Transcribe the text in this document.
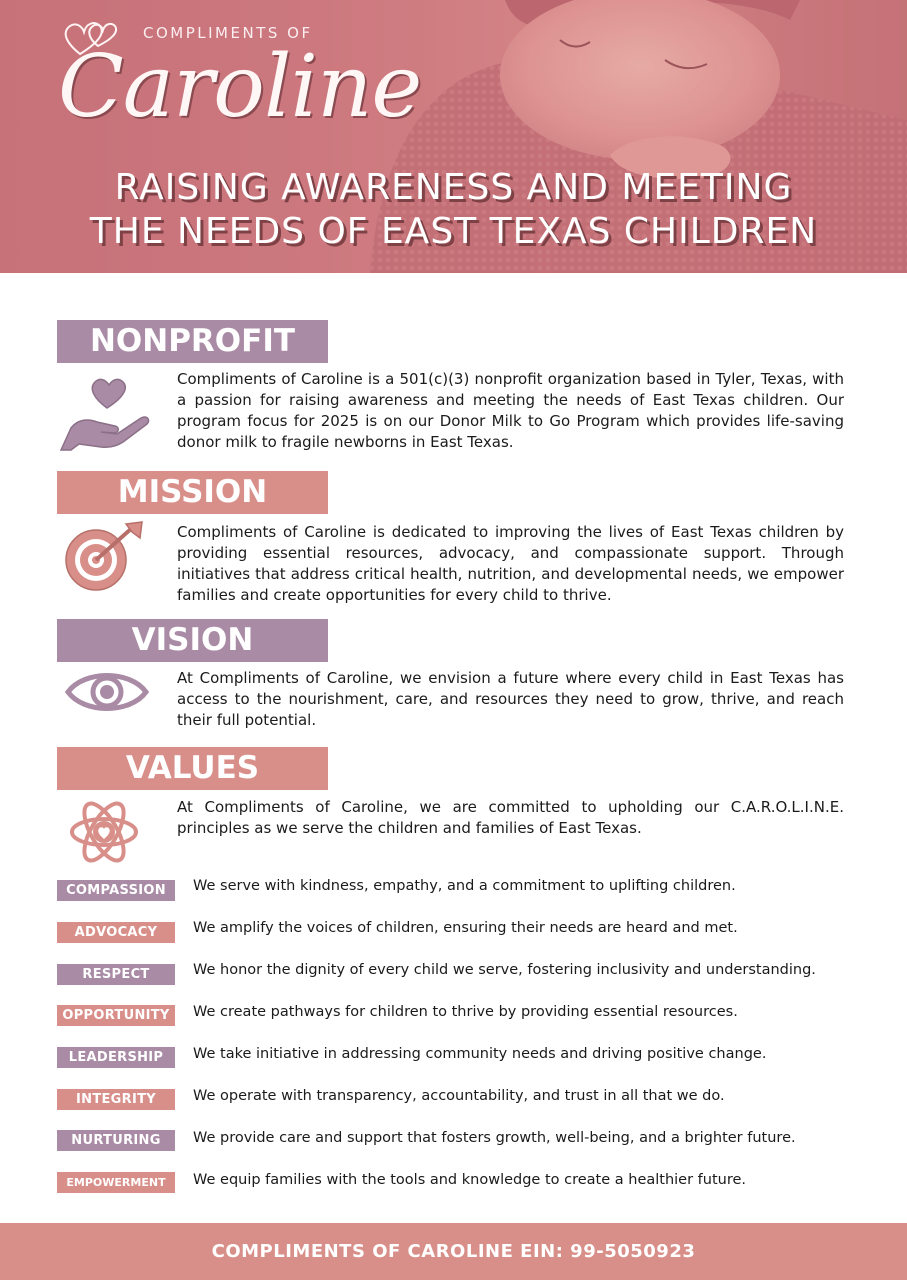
COMPLIMENTS OF
Caroline
RAISING AWARENESS AND MEETING
THE NEEDS OF EAST TEXAS CHILDREN
NONPROFIT
Compliments of Caroline is a 501(c)(3) nonprofit organization based in Tyler, Texas, with a passion for raising awareness and meeting the needs of East Texas children. Our program focus for 2025 is on our Donor Milk to Go Program which provides life-saving donor milk to fragile newborns in East Texas.
MISSION
Compliments of Caroline is dedicated to improving the lives of East Texas children by providing essential resources, advocacy, and compassionate support. Through initiatives that address critical health, nutrition, and developmental needs, we empower families and create opportunities for every child to thrive.
VISION
At Compliments of Caroline, we envision a future where every child in East Texas has access to the nourishment, care, and resources they need to grow, thrive, and reach their full potential.
VALUES
At Compliments of Caroline, we are committed to upholding our C.A.R.O.L.I.N.E. principles as we serve the children and families of East Texas.
COMPASSION	We serve with kindness, empathy, and a commitment to uplifting children.
ADVOCACY	We amplify the voices of children, ensuring their needs are heard and met.
RESPECT	We honor the dignity of every child we serve, fostering inclusivity and understanding.
OPPORTUNITY	We create pathways for children to thrive by providing essential resources.
LEADERSHIP	We take initiative in addressing community needs and driving positive change.
INTEGRITY	We operate with transparency, accountability, and trust in all that we do.
NURTURING	We provide care and support that fosters growth, well-being, and a brighter future.
EMPOWERMENT	We equip families with the tools and knowledge to create a healthier future.
COMPLIMENTS OF CAROLINE EIN: 99-5050923
